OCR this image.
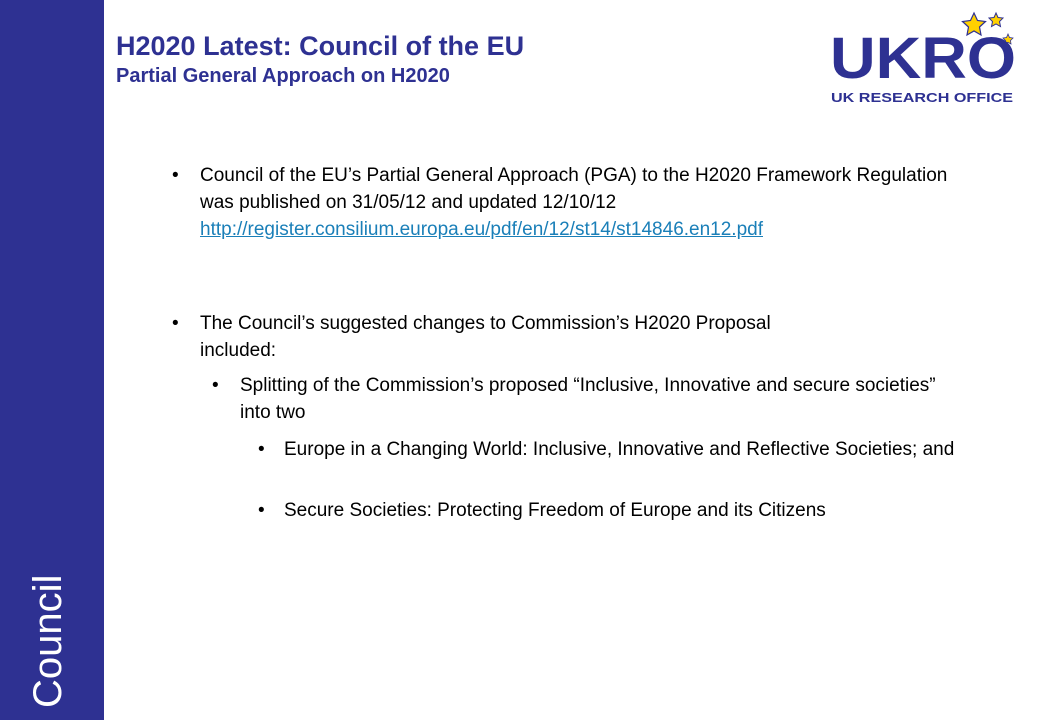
Council
H2020 Latest: Council of the EU
Partial General Approach on H2020	UKRO
UK RESEARCH OFFICE
• Council of the EU’s Partial General Approach (PGA) to the H2020 Framework Regulation was published on 31/05/12 and updated 12/10/12
http://register.consilium.europa.eu/pdf/en/12/st14/st14846.en12.pdf
• The Council’s suggested changes to Commission’s H2020 Proposal included:
• Splitting of the Commission’s proposed “Inclusive, Innovative and secure societies” into two
• Europe in a Changing World: Inclusive, Innovative and Reflective Societies; and
• Secure Societies: Protecting Freedom of Europe and its Citizens
